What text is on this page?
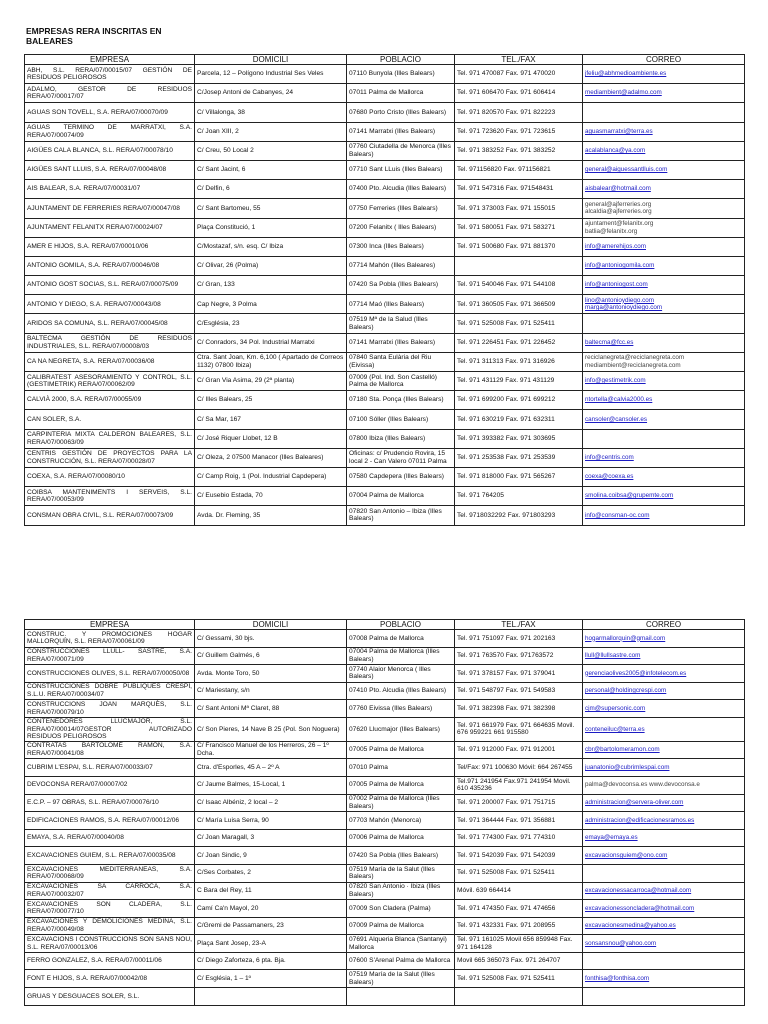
EMPRESAS RERA INSCRITAS EN
BALEARES
EMPRESA	DOMICILI	POBLACIO	TEL./FAX	CORREO
ABH, S.L. RERA/07/00015/07 GESTIÓN DE RESIDUOS PELIGROSOS	Parcela, 12 – Polígono Industrial Ses Veles	07110 Bunyola (Illes Balears)	Tel. 971 470087 Fax. 971 470020	jfeliu@abhmedioambiente.es

ADALMO, GESTOR DE RESIDUOS RERA/07/00017/07	C/Josep Antoni de Cabanyes, 24	07011 Palma de Mallorca	Tel. 971 606470 Fax. 971 606414	mediambient@adalmo.com

AGUAS SON TOVELL, S.A. RERA/07/00070/09	C/ Villalonga, 38	07680 Porto Cristo (Illes Balears)	Tel. 971 820570 Fax. 971 822223	
AGUAS TERMINO DE MARRATXI, S.A. RERA/07/00074/09	C/ Joan XIII, 2	07141 Marratxi (Illes Balears)	Tel. 971 723620 Fax. 971 723615	aguasmarratxi@terra.es

AIGÜES CALA BLANCA, S.L. RERA/07/00078/10	C/ Creu, 50 Local 2	07760 Ciutadella de Menorca (Illes Balears)	Tel. 971 383252 Fax. 971 383252	acalablanca@ya.com

AIGÜES SANT LLUIS, S.A. RERA/07/00048/08	C/ Sant Jacint, 6	07710 Sant LLuis (Illes Balears)	Tel. 971156820 Fax. 971156821	general@aiguessantlluis.com

AIS BALEAR, S.A. RERA/07/00031/07	C/ Delfin, 6	07400 Pto. Alcudia (Illes Balears)	Tel. 971 547316 Fax. 971548431	aisbalear@hotmail.com

AJUNTAMENT DE FERRERIES RERA/07/00047/08	C/ Sant Bartomeu, 55	07750 Ferreries (Illes Balears)	Tel. 971 373003 Fax. 971 155015	general@ajferreries.org
alcaldia@ajferreries.org

AJUNTAMENT FELANITX RERA/07/00024/07	Plaça Constitució, 1	07200 Felanitx ( Illes Balears)	Tel. 971 580051 Fax. 971 583271	ajuntament@felanitx.org
batlia@felanitx.org

AMER E HIJOS, S.A. RERA/07/00010/06	C/Mostazaf, s/n. esq. C/ Ibiza	07300 Inca (Illes Balears)	Tel. 971 500680 Fax. 971 881370	info@amerehijos.com

ANTONIO GOMILA, S.A. RERA/07/00046/08	C/ Olivar, 26 (Polma)	07714 Mahón (Illes Baleares)		info@antoniogomila.com

ANTONIO GOST SOCIAS, S.L. RERA/07/00075/09	C/ Gran, 133	07420 Sa Pobla (Illes Balears)	Tel. 971 540046 Fax. 971 544108	info@antoniogost.com

ANTONIO Y DIEGO, S.A. RERA/07/00043/08	Cap Negre, 3 Polma	07714 Maó (Illes Balears)	Tel. 971 360505 Fax. 971 366509	lino@antonioydiego.com
marga@antonioydiego.com

ARIDOS SA COMUNA, S.L. RERA/07/00045/08	C/Església, 23	07519 Mª de la Salud (Illes Balears)	Tel. 971 525008 Fax. 971 525411	
BALTECMA GESTIÓN DE RESIDUOS INDUSTRIALES, S.L. RERA/07/00008/03	C/ Conradors, 34 Pol. Industrial Marratxi	07141 Marratxi (Illes Balears)	Tel. 971 226451 Fax. 971 226452	baltecma@fcc.es

CA NA NEGRETA, S.A. RERA/07/00036/08	Ctra. Sant Joan, Km. 6,100 ( Apartado de Correos 1132) 07800 Ibiza)	07840 Santa Eulària del Riu (Eivissa)	Tel. 971 311313 Fax. 971 316926	reciclanegreta@reciclanegreta.com
mediambient@reciclanegreta.com

CALIBRATEST ASESORAMIENTO Y CONTROL, S.L. (GESTIMETRIK) RERA/07/00062/09	C/ Gran Via Asima, 29 (2ª planta)	07009 (Pol. Ind. Son Castelló) Palma de Mallorca	Tel. 971 431129 Fax. 971 431129	info@gestimetrik.com

CALVIÀ 2000, S.A. RERA/07/00055/09	C/ Illes Balears, 25	07180 Sta. Ponça (Illes Balears)	Tel. 971 699200 Fax. 971 699212	ntortella@calvia2000.es

CAN SOLER, S.A.	C/ Sa Mar, 167	07100 Sóller (Illes Balears)	Tel. 971 630219 Fax. 971 632311	cansoler@cansoler.es

CARPINTERIA MIXTA CALDERON BALEARES, S.L. RERA/07/00063/09	C/ José Riquer Llobet, 12 B	07800 Ibiza (Illes Balears)	Tel. 971 393382 Fax. 971 303695	
CENTRIS GESTIÓN DE PROYECTOS PARA LA CONSTRUCCIÓN, S.L. RERA/07/00028/07	C/ Oleza, 2 07500 Manacor (Illes Baleares)	Oficinas: c/ Prudencio Rovira, 15 local 2 - Can Valero 07011 Palma	Tel. 971 253538 Fax. 971 253539	info@centris.com

COEXA, S.A. RERA/07/00080/10	C/ Camp Roig, 1 (Pol. Industrial Capdepera)	07580 Capdepera (Illes Balears)	Tel. 971 818000 Fax. 971 565267	coexa@coexa.es

COIBSA MANTENIMENTS I SERVEIS, S.L. RERA/07/00053/09	C/ Eusebio Estada, 70	07004 Palma de Mallorca	Tel. 971 764205	smolina.coibsa@grupemte.com

CONSMAN OBRA CIVIL, S.L. RERA/07/00073/09	Avda. Dr. Fleming, 35	07820 San Antonio – Ibiza (Illes Balears)	Tel. 9718032292 Fax. 971803293	info@consman-oc.com
EMPRESA	DOMICILI	POBLACIO	TEL./FAX	CORREO
CONSTRUC. Y PROMOCIONES HOGAR MALLORQUÍN, S.L. RERA/07/00061/09	C/ Gessami, 30 bjs.	07008 Palma de Mallorca	Tel. 971 751097 Fax. 971 202163	hogarmallorquin@gmail.com

CONSTRUCCIONES LLULL- SASTRE, S.A. RERA/07/00071/09	C/ Guillem Galmés, 6	07004 Palma de Mallorca (Illes Balears)	Tel. 971 763570 Fax. 971763572	llull@llullsastre.com

CONSTRUCCIONES OLIVES, S.L. RERA/07/00050/08	Avda. Monte Toro, 50	07740 Alaior Menorca ( Illes Balears)	Tel. 971 378157 Fax. 971 379041	gerenciaolives2005@infotelecom.es

CONSTRUCCIONES DOBRE PUBLIQUES CRESPÍ, S.L.U. RERA/07/00034/07	C/ Mariestany, s/n	07410 Pto. Alcudia (Illes Balears)	Tel. 971 548797 Fax. 971 549583	personal@holdingcrespi.com

CONSTRUCCIONS JOAN MARQUÈS, S.L. RERA/07/00079/10	C/ Sant Antoni Mª Claret, 88	07760 Eivissa (Illes Balears)	Tel. 971 382398 Fax. 971 382398	cjm@supersonic.com

CONTENEDORES LLUCMAJOR, S.L. RERA/07/00014/07GESTOR AUTORIZADO RESIDUOS PELIGROSOS	C/ Son Pieres, 14 Nave B 25 (Pol. Son Noguera)	07620 Llucmajor (Illes Balears)	Tel. 971 661979 Fax. 971 664635 Movil. 676 959221 661 915580	conteneiluc@terra.es

CONTRATAS BARTOLOMÉ RAMON, S.A. RERA/07/00041/08	C/ Francisco Manuel de los Herreros, 26 – 1º Dcha.	07005 Palma de Mallorca	Tel. 971 912000 Fax. 971 912001	cbr@bartolomeramon.com

CUBRIM L'ESPAI, S.L. RERA/07/00033/07	Ctra. d'Esporles, 45 A – 2º A	07010 Palma	Tel/Fax: 971 100630 Móvil: 664 267455	juanatonio@cubrimlespai.com

DEVOCONSA RERA/07/00007/02	C/ Jaume Balmes, 15-Local, 1	07005 Palma de Mallorca	Tel.971 241954 Fax.971 241954 Movil. 610 435236	palma@devoconsa.es www.devoconsa.e

E.C.P. – 97 OBRAS, S.L. RERA/07/00076/10	C/ Isaac Albéniz, 2 local – 2	07002 Palma de Mallorca (Illes Balears)	Tel. 971 200007 Fax. 971 751715	administracion@servera-oliver.com

EDIFICACIONES RAMOS, S.A. RERA/07/00012/06	C/ María Luisa Serra, 90	07703 Mahón (Menorca)	Tel. 971 364444 Fax. 971 356881	administracion@edificacionesramos.es

EMAYA, S.A. RERA/07/00040/08	C/ Joan Maragall, 3	07006 Palma de Mallorca	Tel. 971 774300 Fax. 971 774310	emaya@emaya.es

EXCAVACIONES GUIEM, S.L. RERA/07/00035/08	C/ Joan Sindic, 9	07420 Sa Pobla (Illes Balears)	Tel. 971 542039 Fax. 971 542039	excavacionsguiem@ono.com

EXCAVACIONES MEDITERRANEAS, S.A. RERA/07/00068/09	C/Ses Corbates, 2	07519 María de la Salut (Illes Balears)	Tel. 971 525008 Fax. 971 525411	
EXCAVACIONES SA CARROCA, S.A. RERA/07/00032/07	C Bara del Rey, 11	07820 San Antonio · Ibiza (Illes Balears)	Móvil. 639 664414	excavacionessacarroca@hotmail.com

EXCAVACIONES SON CLADERA, S.L. RERA/07/00077/10	Camí Ca'n Mayol, 20	07009 Son Cladera (Palma)	Tel. 971 474350 Fax. 971 474656	excavacionessoncladera@hotmail.com

EXCAVACIONES Y DEMOLICIONES MEDINA, S.L. RERA/07/00049/08	C/Gremi de Passamaners, 23	07009 Palma de Mallorca	Tel. 971 432331 Fax. 971 208955	excavacionesmedina@yahoo.es

EXCAVACIONS I CONSTRUCCIONS SON SANS NOU, S.L. RERA/07/00013/06	Plaça Sant Josep, 23-A	07691 Alqueria Blanca (Santanyi) Mallorca	Tel. 971 161025 Movil 656 859948 Fax. 971 164128	sonsansnou@yahoo.com

FERRO GONZALEZ, S.A. RERA/07/00011/06	C/ Diego Zaforteza, 6 pta. Bja.	07600 S'Arenal Palma de Mallorca	Movil 665 365073 Fax. 971 264707	
FONT E HIJOS, S.A. RERA/07/00042/08	C/ Església, 1 – 1º	07519 María de la Salut (Illes Balears)	Tel. 971 525008 Fax. 971 525411	fonthisa@fonthisa.com

GRUAS Y DESGUACES SOLER, S.L.				
